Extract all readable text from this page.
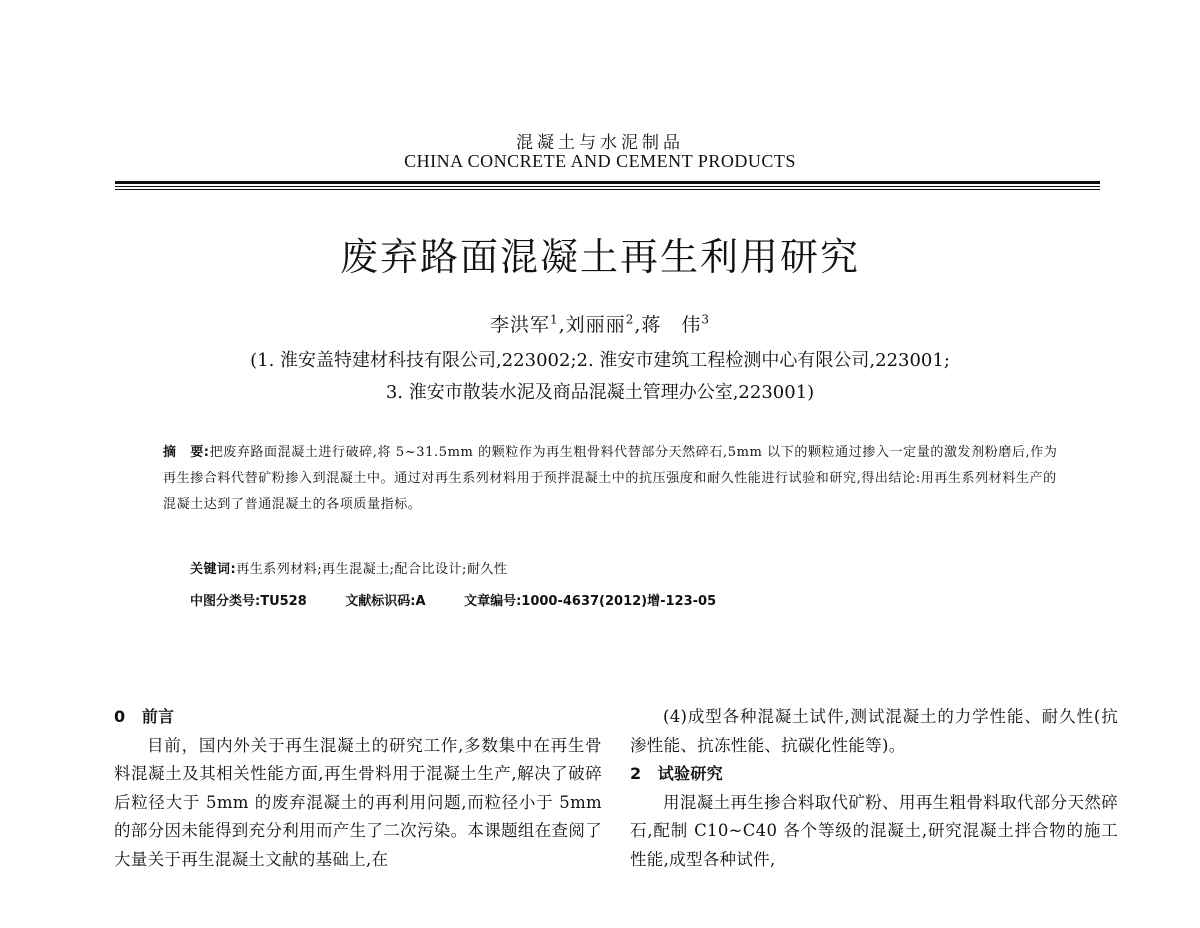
混凝土与水泥制品
CHINA CONCRETE AND CEMENT PRODUCTS
废弃路面混凝土再生利用研究
李洪军$^1$,刘丽丽$^2$,蒋　伟$^3$
(1. 淮安盖特建材科技有限公司,223002;2. 淮安市建筑工程检测中心有限公司,223001;
3. 淮安市散装水泥及商品混凝土管理办公室,223001)
摘　要:把废弃路面混凝土进行破碎,将 5~31.5mm 的颗粒作为再生粗骨料代替部分天然碎石,5mm 以下的颗粒通过掺入一定量的激发剂粉磨后,作为再生掺合料代替矿粉掺入到混凝土中。通过对再生系列材料用于预拌混凝土中的抗压强度和耐久性能进行试验和研究,得出结论:用再生系列材料生产的混凝土达到了普通混凝土的各项质量指标。
关键词:再生系列材料;再生混凝土;配合比设计;耐久性
中图分类号:TU528	文献标识码:A	文章编号:1000-4637(2012)增-123-05

0　前言

目前，国内外关于再生混凝土的研究工作,多数集中在再生骨料混凝土及其相关性能方面,再生骨料用于混凝土生产,解决了破碎后粒径大于 5mm 的废弃混凝土的再利用问题,而粒径小于 5mm 的部分因未能得到充分利用而产生了二次污染。本课题组在查阅了大量关于再生混凝土文献的基础上,在

(4)成型各种混凝土试件,测试混凝土的力学性能、耐久性(抗渗性能、抗冻性能、抗碳化性能等)。

2　试验研究

用混凝土再生掺合料取代矿粉、用再生粗骨料取代部分天然碎石,配制 C10~C40 各个等级的混凝土,研究混凝土拌合物的施工性能,成型各种试件,
